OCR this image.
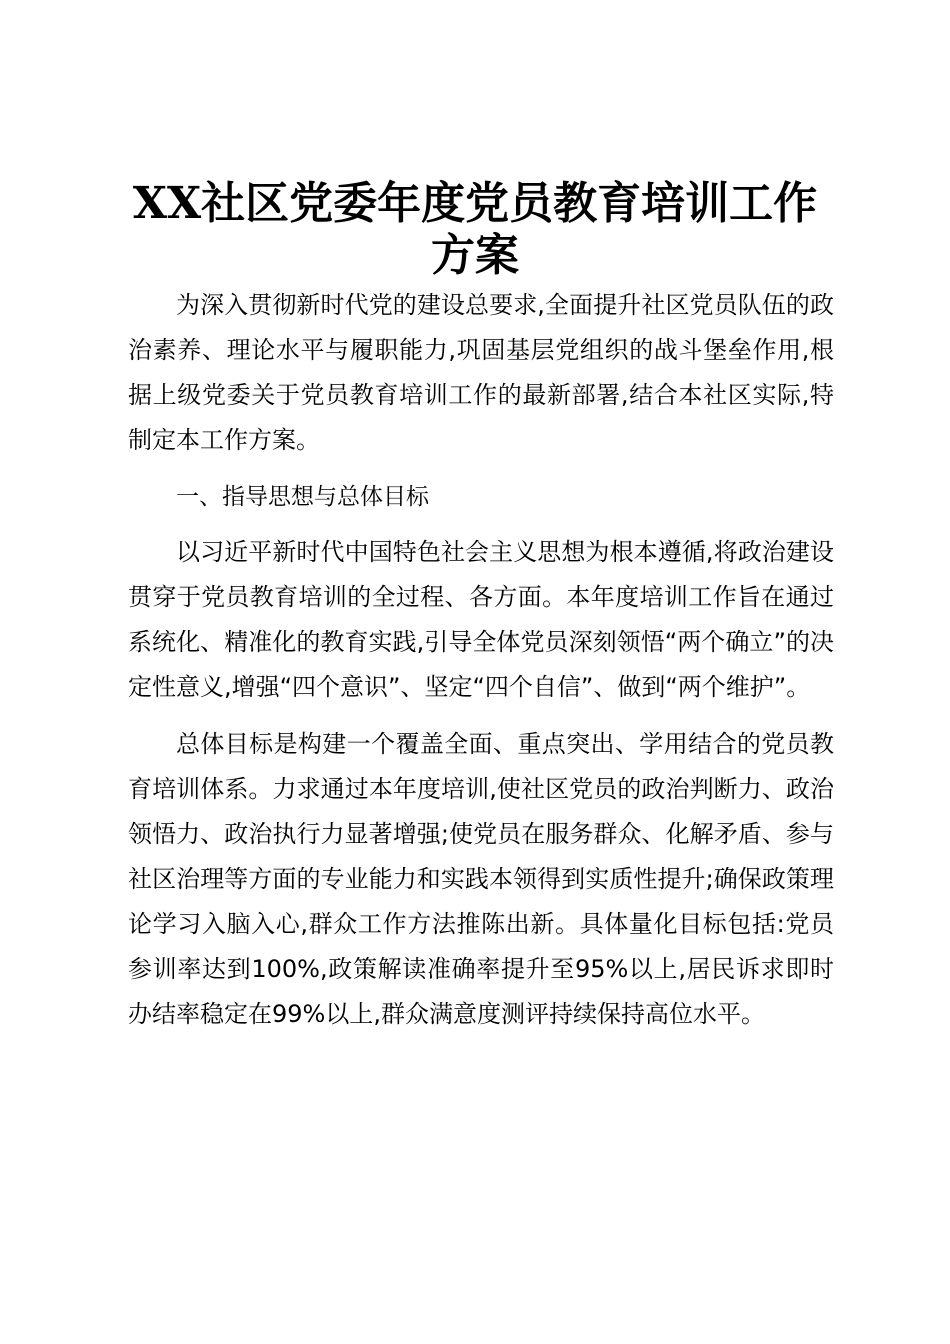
XX社区党委年度党员教育培训工作方案

为深入贯彻新时代党的建设总要求,全面提升社区党员队伍的政治素养、理论水平与履职能力,巩固基层党组织的战斗堡垒作用,根据上级党委关于党员教育培训工作的最新部署,结合本社区实际,特制定本工作方案。

一、指导思想与总体目标

以习近平新时代中国特色社会主义思想为根本遵循,将政治建设贯穿于党员教育培训的全过程、各方面。本年度培训工作旨在通过系统化、精准化的教育实践,引导全体党员深刻领悟“两个确立”的决定性意义,增强“四个意识”、坚定“四个自信”、做到“两个维护”。

总体目标是构建一个覆盖全面、重点突出、学用结合的党员教育培训体系。力求通过本年度培训,使社区党员的政治判断力、政治领悟力、政治执行力显著增强;使党员在服务群众、化解矛盾、参与社区治理等方面的专业能力和实践本领得到实质性提升;确保政策理论学习入脑入心,群众工作方法推陈出新。具体量化目标包括:党员参训率达到100%,政策解读准确率提升至95%以上,居民诉求即时办结率稳定在99%以上,群众满意度测评持续保持高位水平。
